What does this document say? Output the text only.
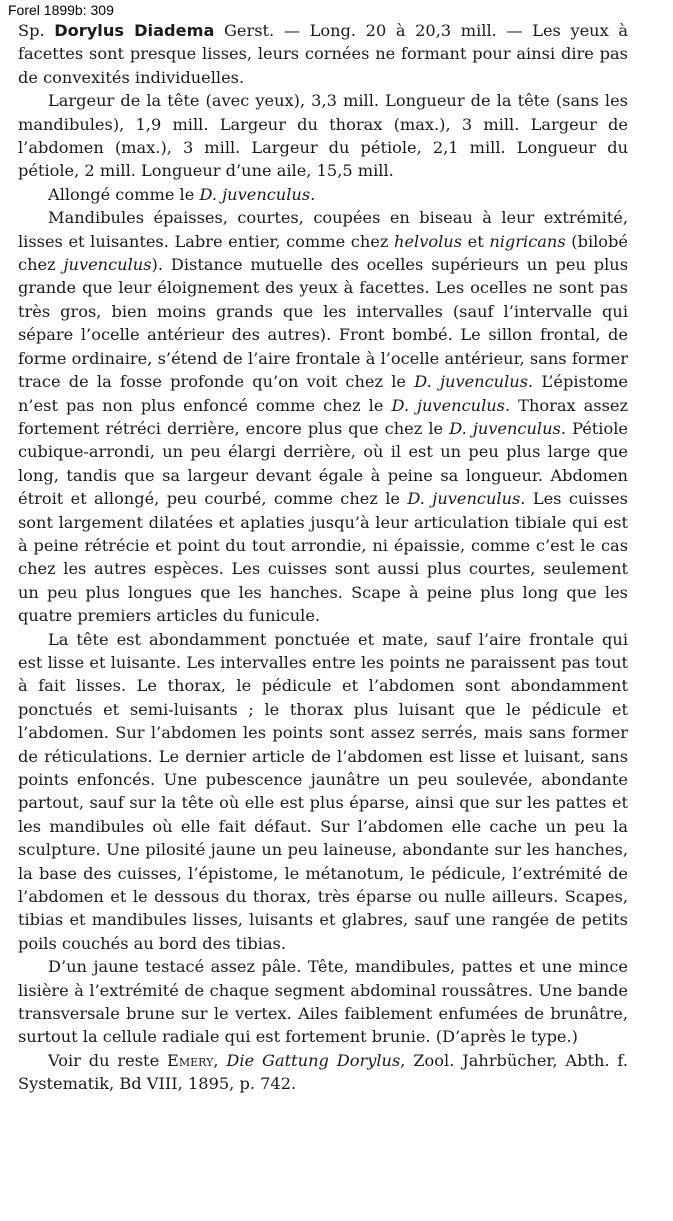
Forel 1899b: 309

Sp. Dorylus Diadema Gerst. — Long. 20 à 20,3 mill. — Les yeux à facettes sont presque lisses, leurs cornées ne formant pour ainsi dire pas de convexités individuelles.

Largeur de la tête (avec yeux), 3,3 mill. Longueur de la tête (sans les mandibules), 1,9 mill. Largeur du thorax (max.), 3 mill. Largeur de l’abdomen (max.), 3 mill. Largeur du pétiole, 2,1 mill. Longueur du pétiole, 2 mill. Longueur d’une aile, 15,5 mill.

Allongé comme le D. juvenculus.

Mandibules épaisses, courtes, coupées en biseau à leur extrémité, lisses et luisantes. Labre entier, comme chez helvolus et nigricans (bilobé chez juvenculus). Distance mutuelle des ocelles supérieurs un peu plus grande que leur éloignement des yeux à facettes. Les ocelles ne sont pas très gros, bien moins grands que les intervalles (sauf l’intervalle qui sépare l’ocelle antérieur des autres). Front bombé. Le sillon frontal, de forme ordinaire, s’étend de l’aire frontale à l’ocelle antérieur, sans former trace de la fosse profonde qu’on voit chez le D. juvenculus. L’épistome n’est pas non plus enfoncé comme chez le D. juvenculus. Thorax assez fortement rétréci derrière, encore plus que chez le D. juvenculus. Pétiole cubique-arrondi, un peu élargi derrière, où il est un peu plus large que long, tandis que sa largeur devant égale à peine sa longueur. Abdomen étroit et allongé, peu courbé, comme chez le D. juvenculus. Les cuisses sont largement dilatées et aplaties jusqu’à leur articulation tibiale qui est à peine rétrécie et point du tout arrondie, ni épaissie, comme c’est le cas chez les autres espèces. Les cuisses sont aussi plus courtes, seulement un peu plus longues que les hanches. Scape à peine plus long que les quatre premiers articles du funicule.

La tête est abondamment ponctuée et mate, sauf l’aire frontale qui est lisse et luisante. Les intervalles entre les points ne paraissent pas tout à fait lisses. Le thorax, le pédicule et l’abdomen sont abondamment ponctués et semi-luisants ; le thorax plus luisant que le pédicule et l’abdomen. Sur l’abdomen les points sont assez serrés, mais sans former de réticulations. Le dernier article de l’abdomen est lisse et luisant, sans points enfoncés. Une pubescence jaunâtre un peu soulevée, abondante partout, sauf sur la tête où elle est plus éparse, ainsi que sur les pattes et les mandibules où elle fait défaut. Sur l’abdomen elle cache un peu la sculpture. Une pilosité jaune un peu laineuse, abondante sur les hanches, la base des cuisses, l’épistome, le métanotum, le pédicule, l’extrémité de l’abdomen et le dessous du thorax, très éparse ou nulle ailleurs. Scapes, tibias et mandibules lisses, luisants et glabres, sauf une rangée de petits poils couchés au bord des tibias.

D’un jaune testacé assez pâle. Tête, mandibules, pattes et une mince lisière à l’extrémité de chaque segment abdominal roussâtres. Une bande transversale brune sur le vertex. Ailes faiblement enfumées de brunâtre, surtout la cellule radiale qui est fortement brunie. (D’après le type.)

Voir du reste Emery, Die Gattung Dorylus, Zool. Jahrbücher, Abth. f. Systematik, Bd VIII, 1895, p. 742.
